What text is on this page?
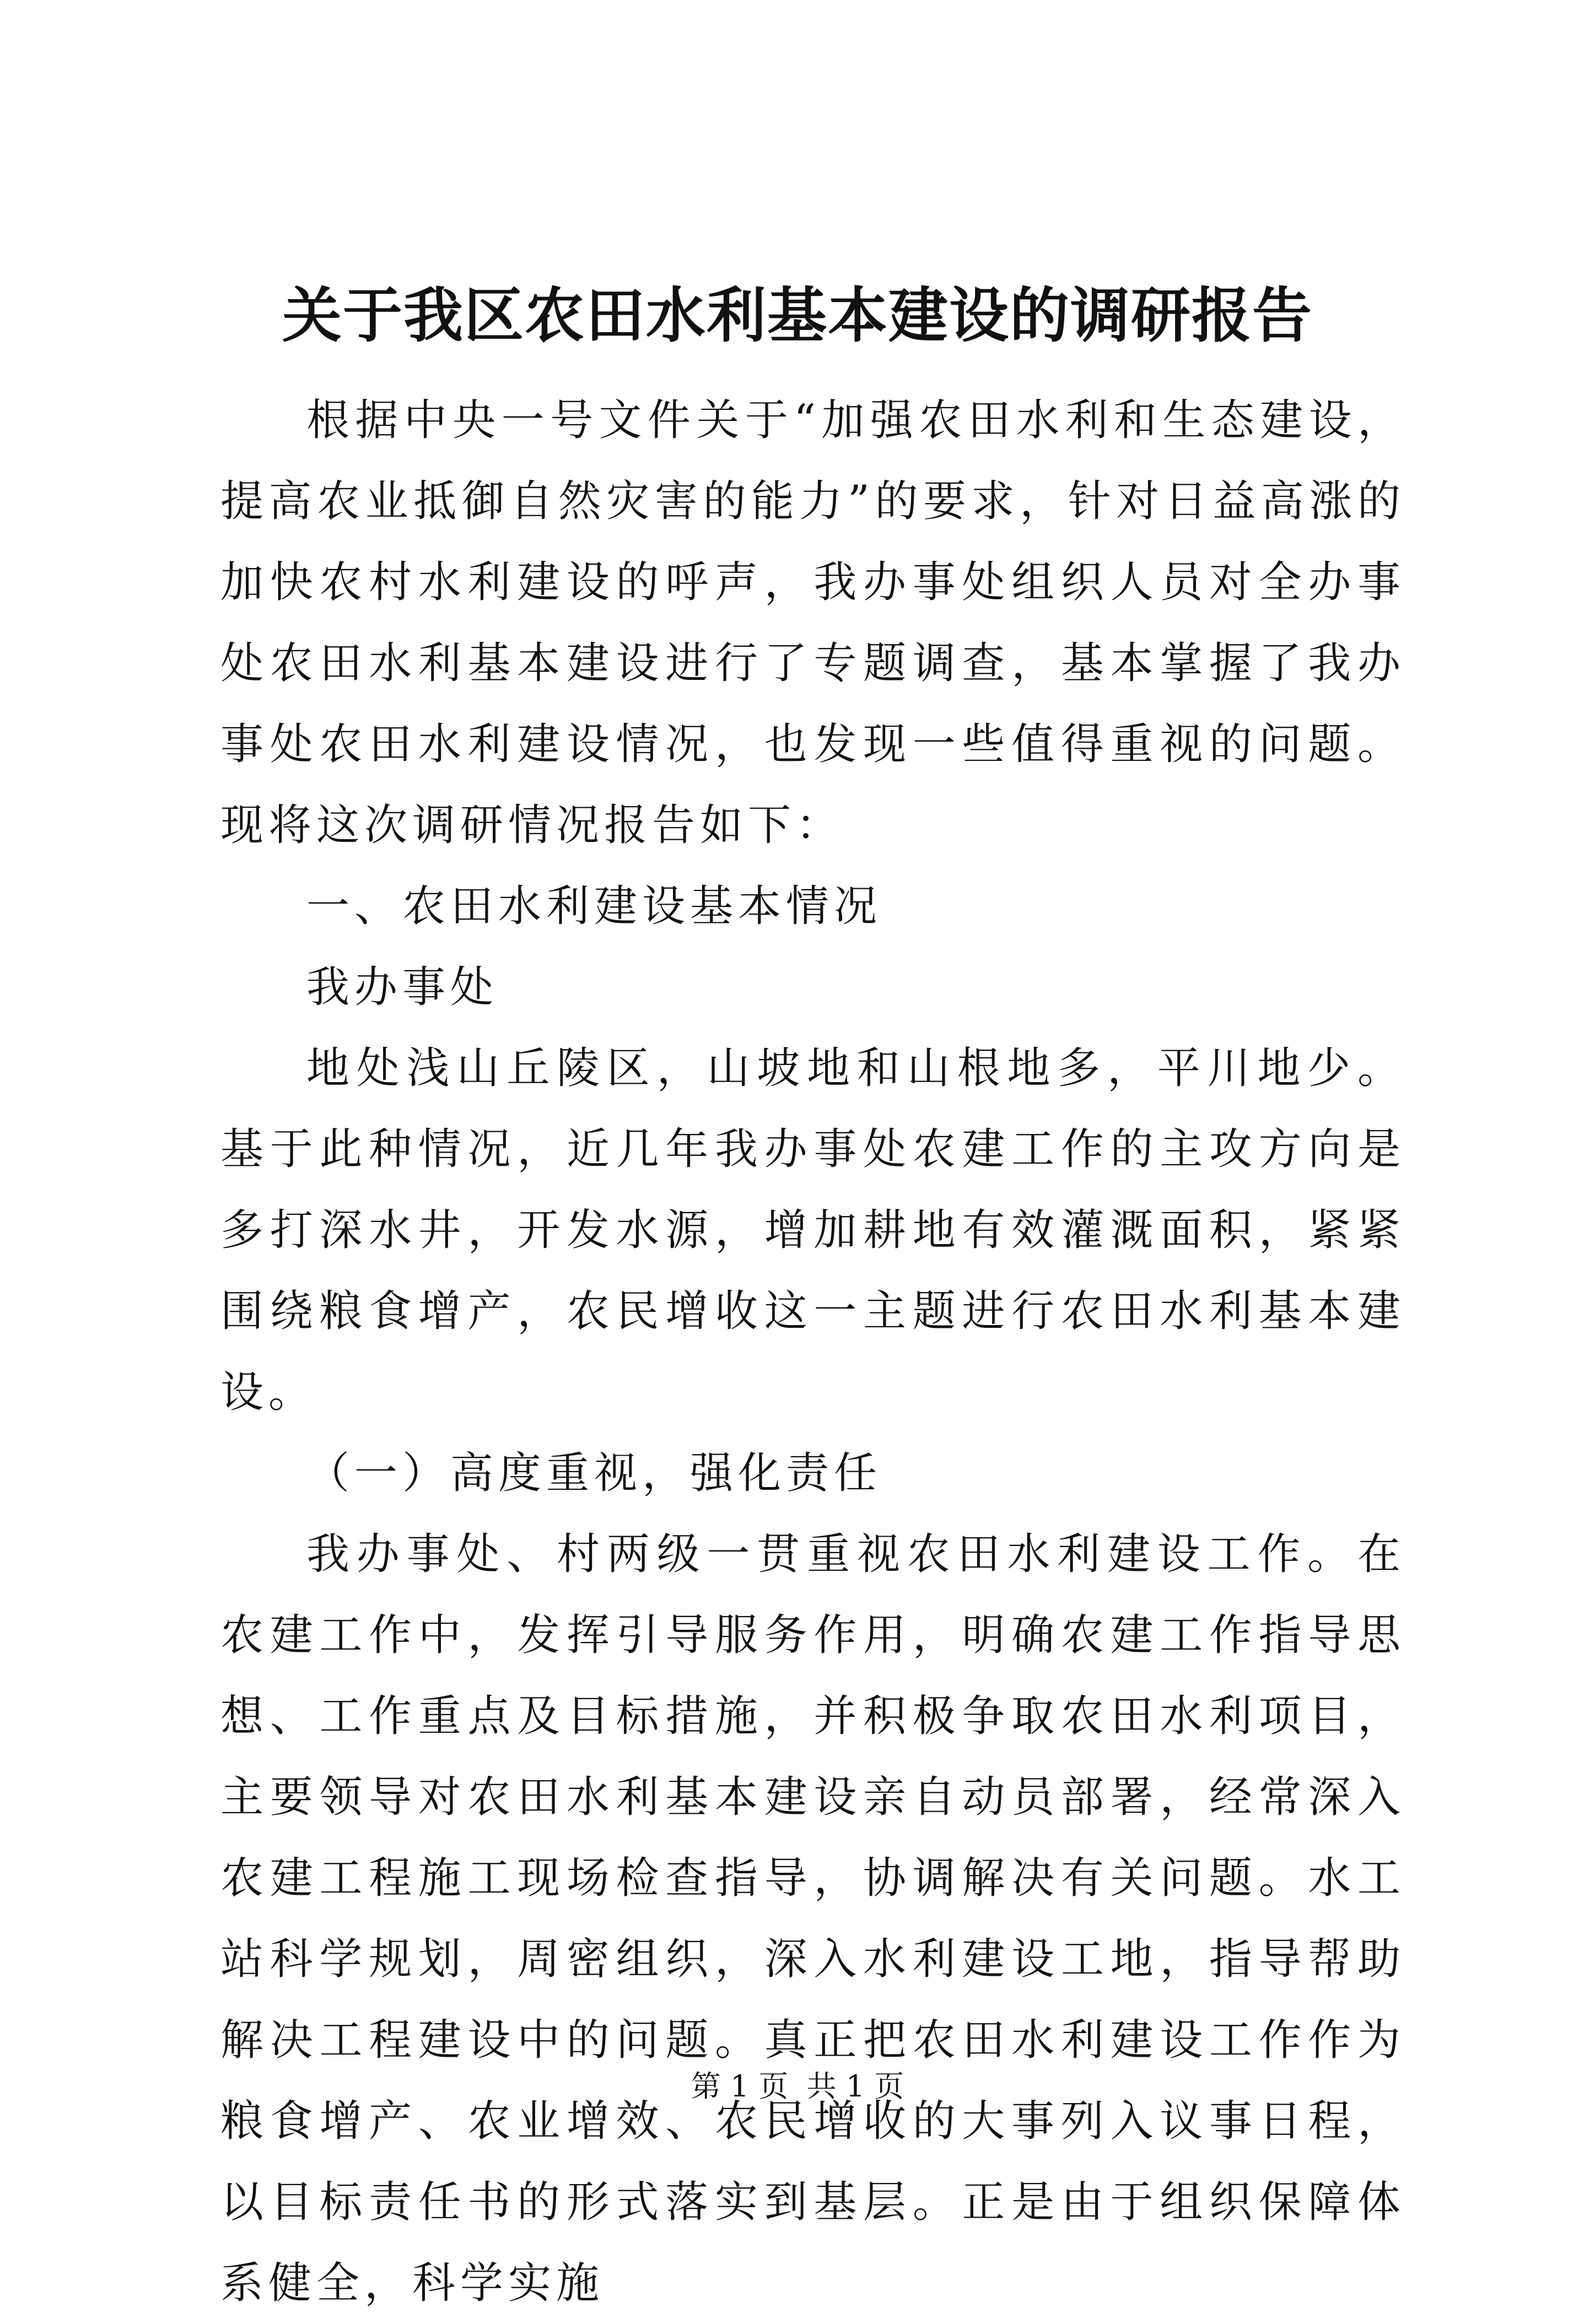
关于我区农田水利基本建设的调研报告

根据中央一号文件关于“加强农田水利和生态建设，提高农业抵御自然灾害的能力”的要求，针对日益高涨的加快农村水利建设的呼声，我办事处组织人员对全办事处农田水利基本建设进行了专题调查，基本掌握了我办事处农田水利建设情况，也发现一些值得重视的问题。现将这次调研情况报告如下：

一、农田水利建设基本情况

我办事处

地处浅山丘陵区，山坡地和山根地多，平川地少。基于此种情况，近几年我办事处农建工作的主攻方向是多打深水井，开发水源，增加耕地有效灌溉面积，紧紧围绕粮食增产，农民增收这一主题进行农田水利基本建设。

（一）高度重视，强化责任

我办事处、村两级一贯重视农田水利建设工作。在农建工作中，发挥引导服务作用，明确农建工作指导思想、工作重点及目标措施，并积极争取农田水利项目，主要领导对农田水利基本建设亲自动员部署，经常深入农建工程施工现场检查指导，协调解决有关问题。水工站科学规划，周密组织，深入水利建设工地，指导帮助解决工程建设中的问题。真正把农田水利建设工作作为粮食增产、农业增效、农民增收的大事列入议事日程，以目标责任书的形式落实到基层。正是由于组织保障体系健全，科学实施

第 1 页 共 1 页
